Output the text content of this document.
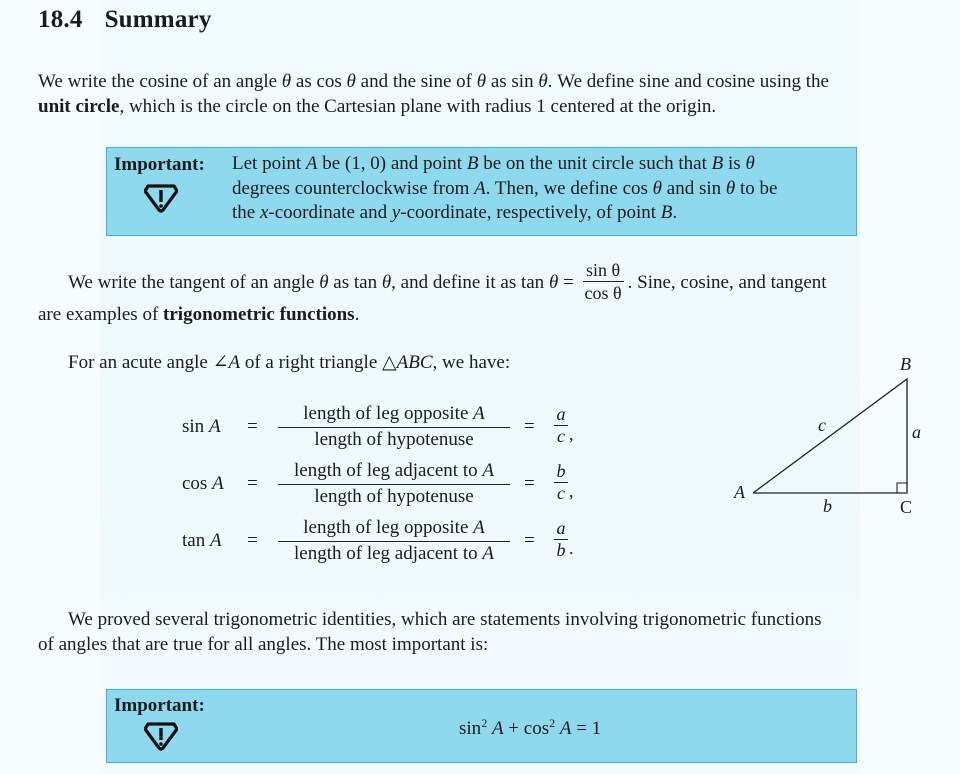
18.4 Summary
We write the cosine of an angle θ as cos θ and the sine of θ as sin θ. We define sine and cosine using the
unit circle, which is the circle on the Cartesian plane with radius 1 centered at the origin.
Important: Let point A be (1, 0) and point B be on the unit circle such that B is θ
degrees counterclockwise from A. Then, we define cos θ and sin θ to be
the x-coordinate and y-coordinate, respectively, of point B.
We write the tangent of an angle θ as tan θ, and define it as $\tan \theta = \frac{\text{sin θ}}{\text{cos θ}}$ . Sine, cosine, and tangent
are examples of trigonometric functions.
For an acute angle ∠A of a right triangle △ABC, we have:
sin A =
length of leg opposite A
length of hypotenuse
= $\frac{a}{c}$ ,
cos A =
length of leg adjacent to A
length of hypotenuse
= $\frac{b}{c}$ ,
tan A =
length of leg opposite A
length of leg adjacent to A
= $\frac{a}{b}$ .
B
A
C
a
b
c
We proved several trigonometric identities, which are statements involving trigonometric functions
of angles that are true for all angles. The most important is:
Important:
$\sin^2 A + \cos^2 A = 1$
